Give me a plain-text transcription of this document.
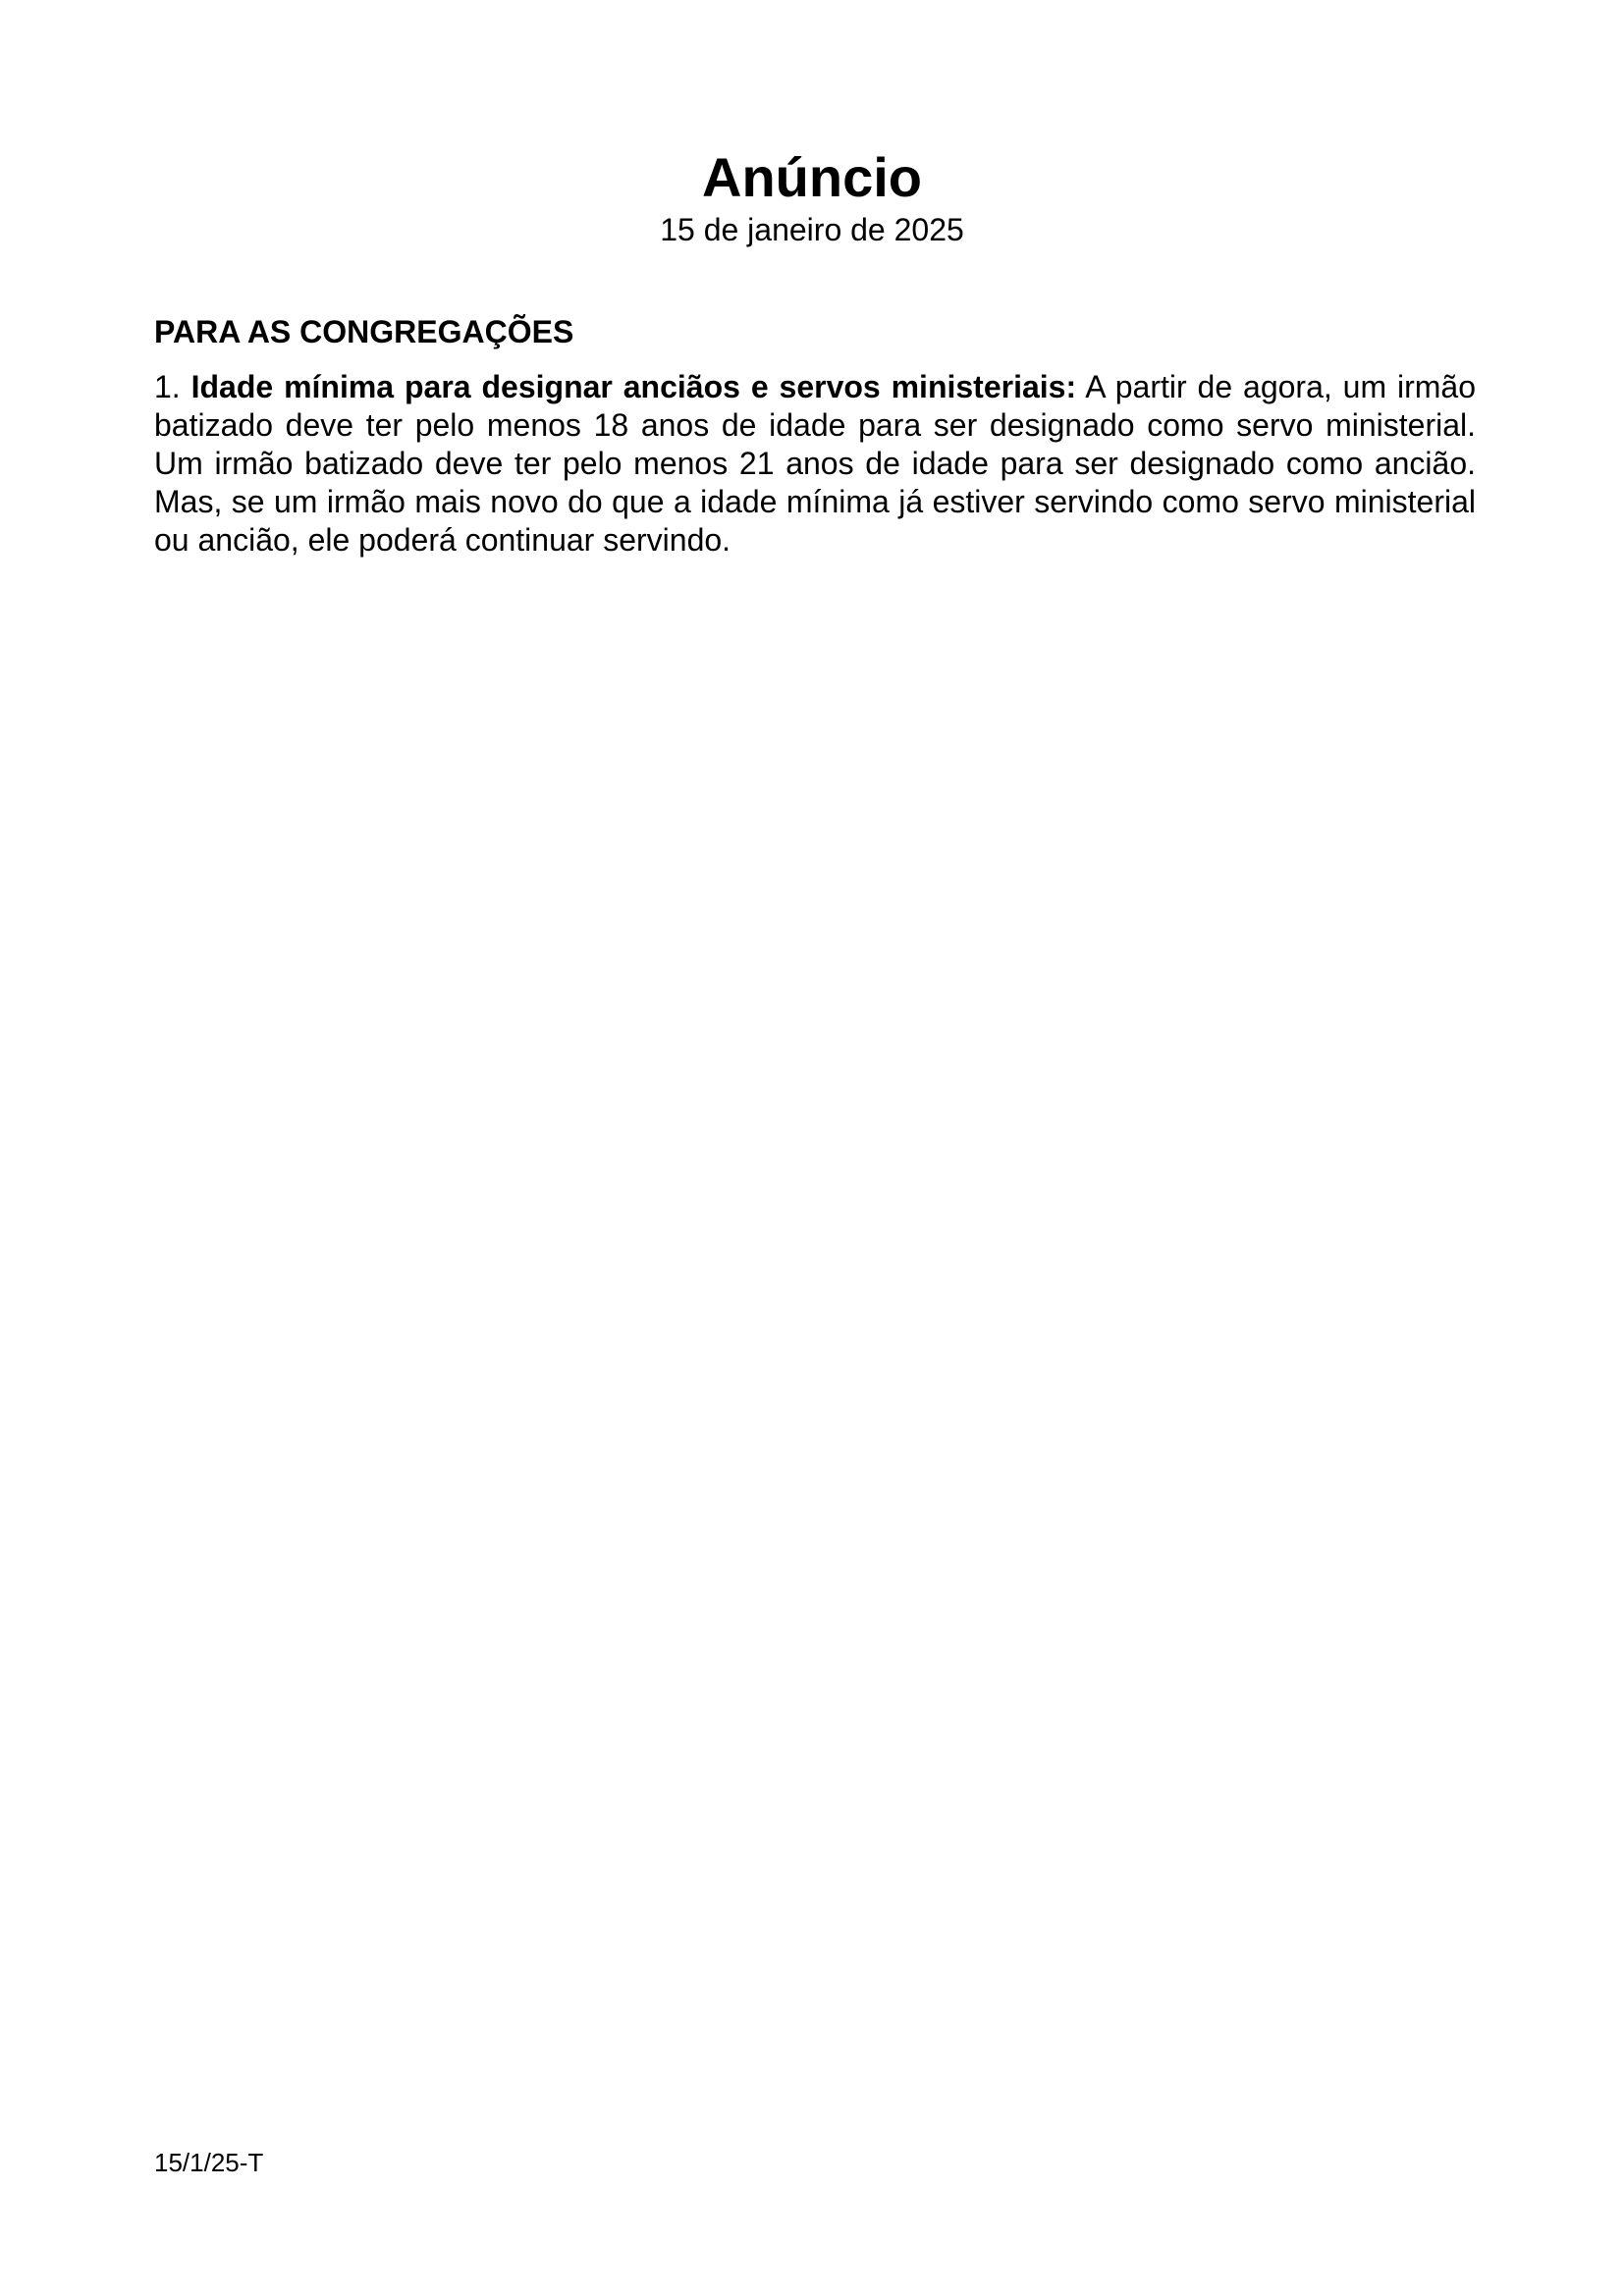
Anúncio
15 de janeiro de 2025
PARA AS CONGREGAÇÕES

1. Idade mínima para designar anciãos e servos ministeriais: A partir de agora, um irmão batizado deve ter pelo menos 18 anos de idade para ser designado como servo ministerial. Um irmão batizado deve ter pelo menos 21 anos de idade para ser designado como ancião. Mas, se um irmão mais novo do que a idade mínima já estiver servindo como servo ministerial ou ancião, ele poderá continuar servindo.

15/1/25-T
